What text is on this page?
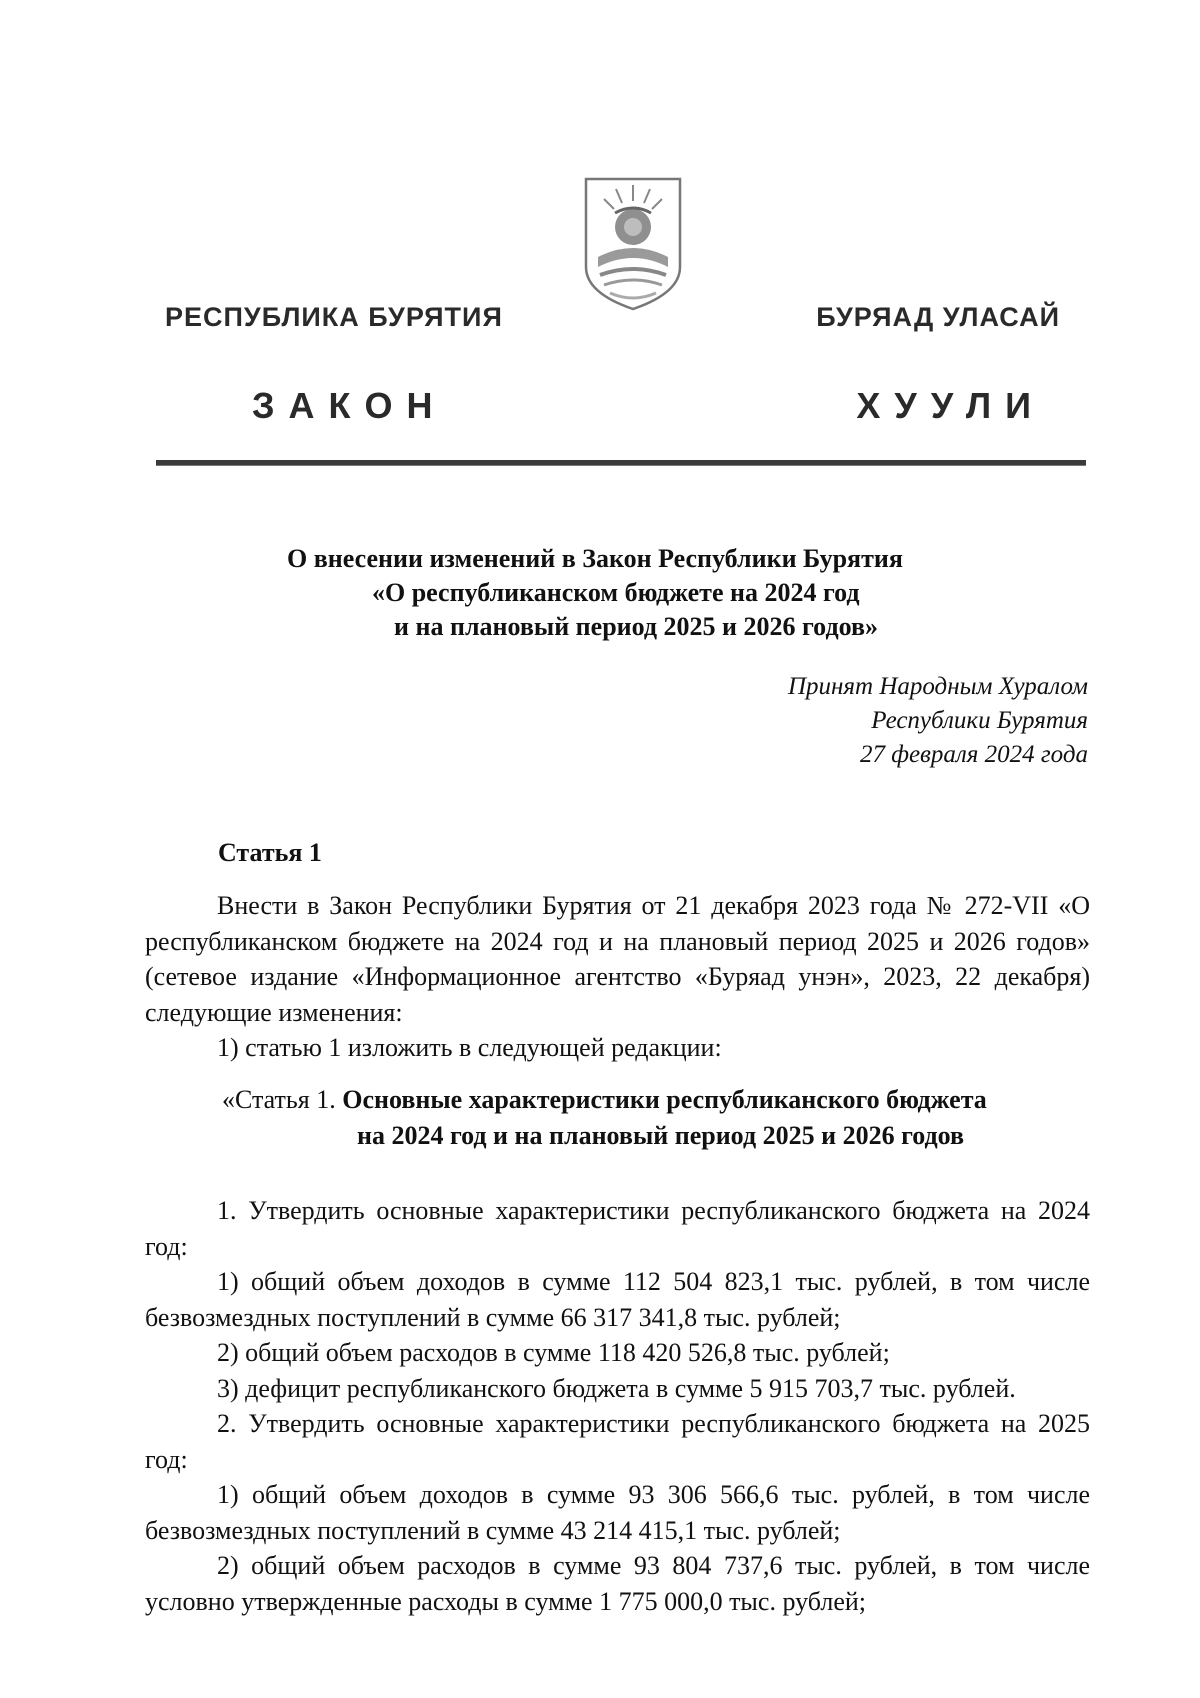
РЕСПУБЛИКА БУРЯТИЯ	БУРЯАД УЛАСАЙ
ЗАКОН	ХУУЛИ
О внесении изменений в Закон Республики Бурятия
«О республиканском бюджете на 2024 год
и на плановый период 2025 и 2026 годов»
Принят Народным Хуралом
Республики Бурятия
27 февраля 2024 года
Статья 1

Внести в Закон Республики Бурятия от 21 декабря 2023 года № 272-VII «О республиканском бюджете на 2024 год и на плановый период 2025 и 2026 годов» (сетевое издание «Информационное агентство «Буряад унэн», 2023, 22 декабря) следующие изменения:

1) статью 1 изложить в следующей редакции:

«Статья 1. Основные характеристики республиканского бюджета
на 2024 год и на плановый период 2025 и 2026 годов

1. Утвердить основные характеристики республиканского бюджета на 2024 год:

1) общий объем доходов в сумме 112 504 823,1 тыс. рублей, в том числе безвозмездных поступлений в сумме 66 317 341,8 тыс. рублей;

2) общий объем расходов в сумме 118 420 526,8 тыс. рублей;

3) дефицит республиканского бюджета в сумме 5 915 703,7 тыс. рублей.

2. Утвердить основные характеристики республиканского бюджета на 2025 год:

1) общий объем доходов в сумме 93 306 566,6 тыс. рублей, в том числе безвозмездных поступлений в сумме 43 214 415,1 тыс. рублей;

2) общий объем расходов в сумме 93 804 737,6 тыс. рублей, в том числе условно утвержденные расходы в сумме 1 775 000,0 тыс. рублей;
